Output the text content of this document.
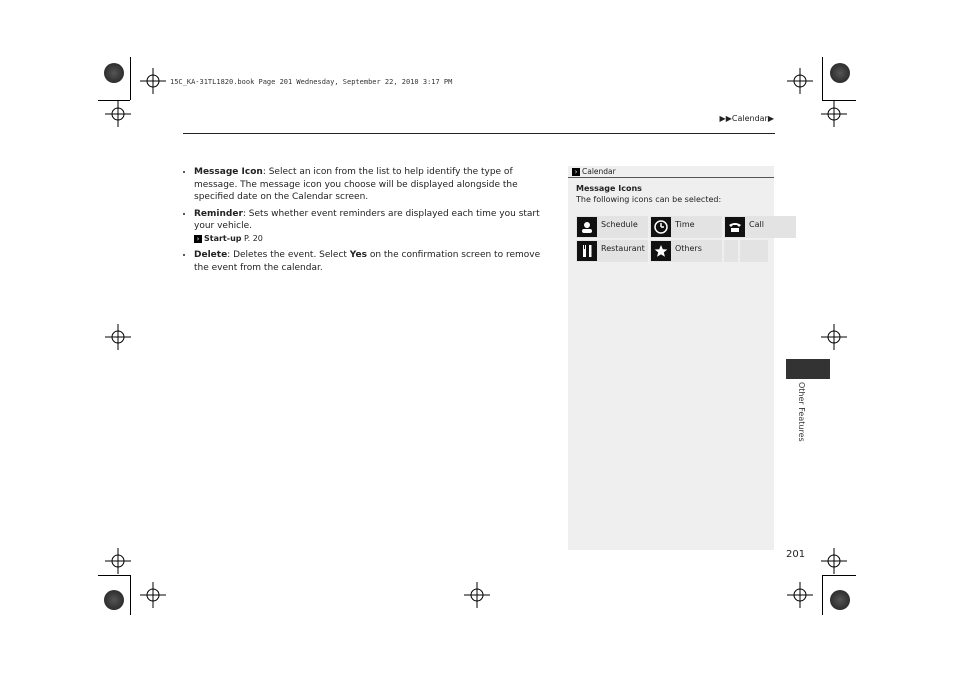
15C_KA-31TL1820.book Page 201 Wednesday, September 22, 2010 3:17 PM
▶▶Calendar▶
• Message Icon: Select an icon from the list to help identify the type of message. The message icon you choose will be displayed alongside the specified date on the Calendar screen.
• Reminder: Sets whether event reminders are displayed each time you start your vehicle.
› Start-up P. 20
• Delete: Deletes the event. Select Yes on the confirmation screen to remove the event from the calendar.
› Calendar
Message Icons
The following icons can be selected:
Schedule	Time	Call
Restaurant	Others
201
Other Features
